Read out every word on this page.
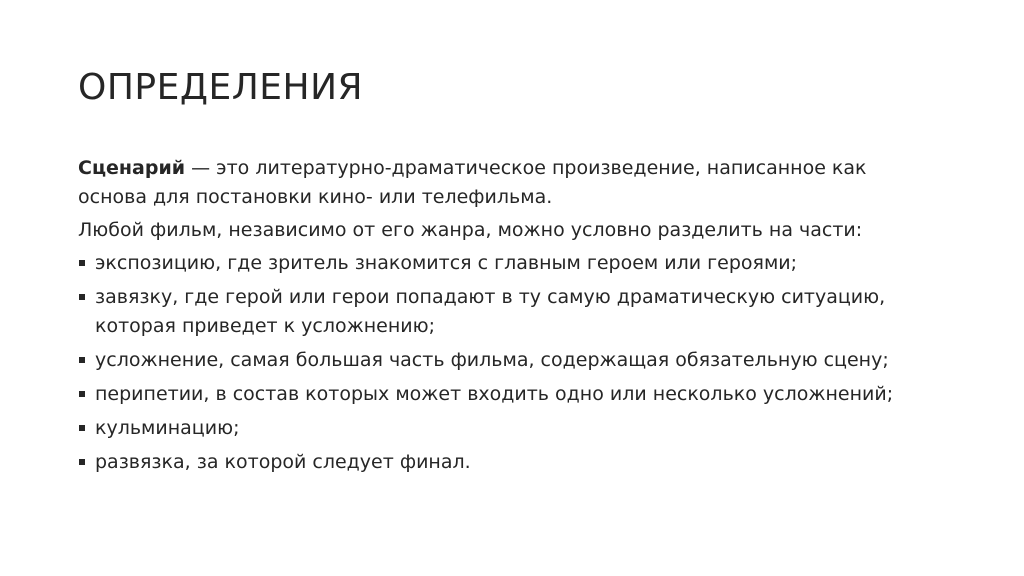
ОПРЕДЕЛЕНИЯ

Сценарий — это литературно-драматическое произведение, написанное как
основа для постановки кино- или телефильма.

Любой фильм, независимо от его жанра, можно условно разделить на части:

экспозицию, где зритель знакомится с главным героем или героями;
завязку, где герой или герои попадают в ту самую драматическую ситуацию,
которая приведет к усложнению;
усложнение, самая большая часть фильма, содержащая обязательную сцену;
перипетии, в состав которых может входить одно или несколько усложнений;
кульминацию;
развязка, за которой следует финал.
